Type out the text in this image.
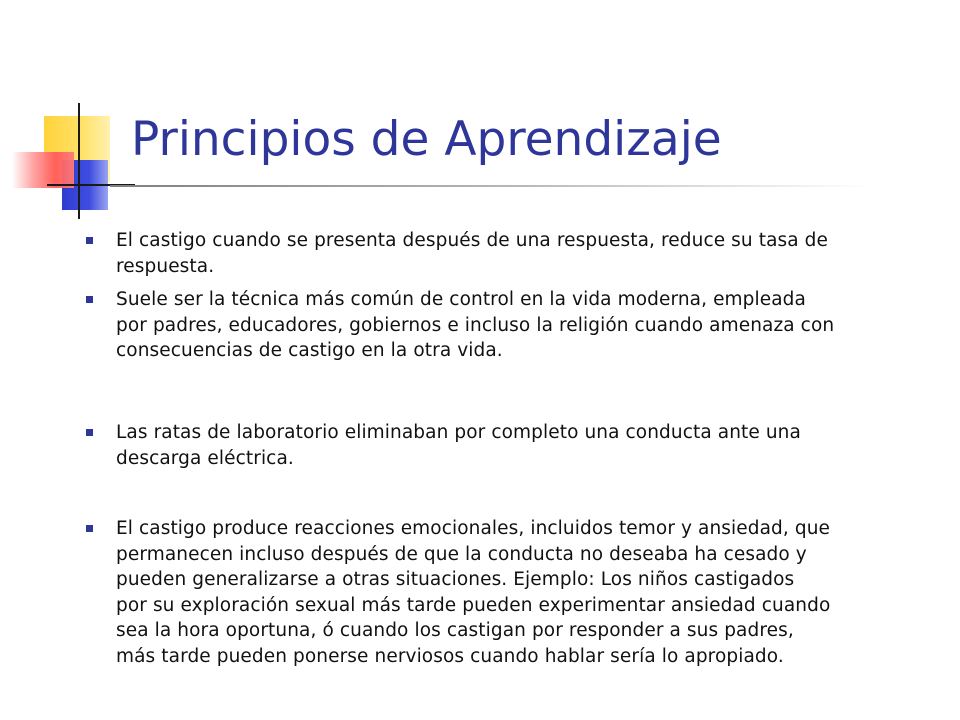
Principios de Aprendizaje
El castigo cuando se presenta después de una respuesta, reduce su tasa de
respuesta.
Suele ser la técnica más común de control en la vida moderna, empleada
por padres, educadores, gobiernos e incluso la religión cuando amenaza con
consecuencias de castigo en la otra vida.
Las ratas de laboratorio eliminaban por completo una conducta ante una
descarga eléctrica.
El castigo produce reacciones emocionales, incluidos temor y ansiedad, que
permanecen incluso después de que la conducta no deseaba ha cesado y
pueden generalizarse a otras situaciones. Ejemplo: Los niños castigados
por su exploración sexual más tarde pueden experimentar ansiedad cuando
sea la hora oportuna, ó cuando los castigan por responder a sus padres,
más tarde pueden ponerse nerviosos cuando hablar sería lo apropiado.
